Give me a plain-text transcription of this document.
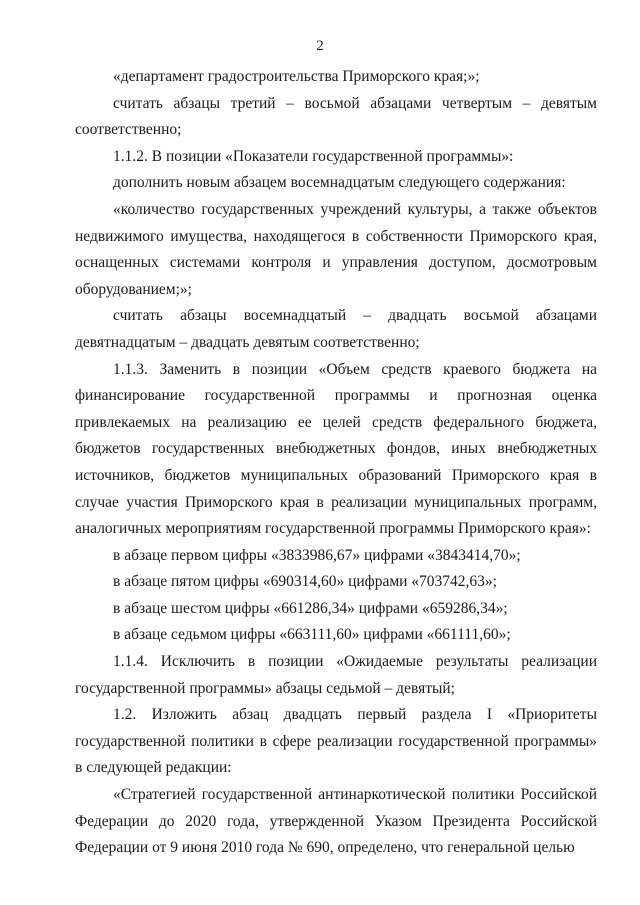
2

«департамент градостроительства Приморского края;»;

считать абзацы третий – восьмой абзацами четвертым – девятым соответственно;

1.1.2. В позиции «Показатели государственной программы»:

дополнить новым абзацем восемнадцатым следующего содержания:

«количество государственных учреждений культуры, а также объектов недвижимого имущества, находящегося в собственности Приморского края, оснащенных системами контроля и управления доступом, досмотровым оборудованием;»;

считать абзацы восемнадцатый – двадцать восьмой абзацами девятнадцатым – двадцать девятым соответственно;

1.1.3. Заменить в позиции «Объем средств краевого бюджета на финансирование государственной программы и прогнозная оценка привлекаемых на реализацию ее целей средств федерального бюджета, бюджетов государственных внебюджетных фондов, иных внебюджетных источников, бюджетов муниципальных образований Приморского края в случае участия Приморского края в реализации муниципальных программ, аналогичных мероприятиям государственной программы Приморского края»:

в абзаце первом цифры «3833986,67» цифрами «3843414,70»;

в абзаце пятом цифры «690314,60» цифрами «703742,63»;

в абзаце шестом цифры «661286,34» цифрами «659286,34»;

в абзаце седьмом цифры «663111,60» цифрами «661111,60»;

1.1.4. Исключить в позиции «Ожидаемые результаты реализации государственной программы» абзацы седьмой – девятый;

1.2. Изложить абзац двадцать первый раздела I «Приоритеты государственной политики в сфере реализации государственной программы» в следующей редакции:

«Стратегией государственной антинаркотической политики Российской Федерации до 2020 года, утвержденной Указом Президента Российской Федерации от 9 июня 2010 года № 690, определено, что генеральной целью
